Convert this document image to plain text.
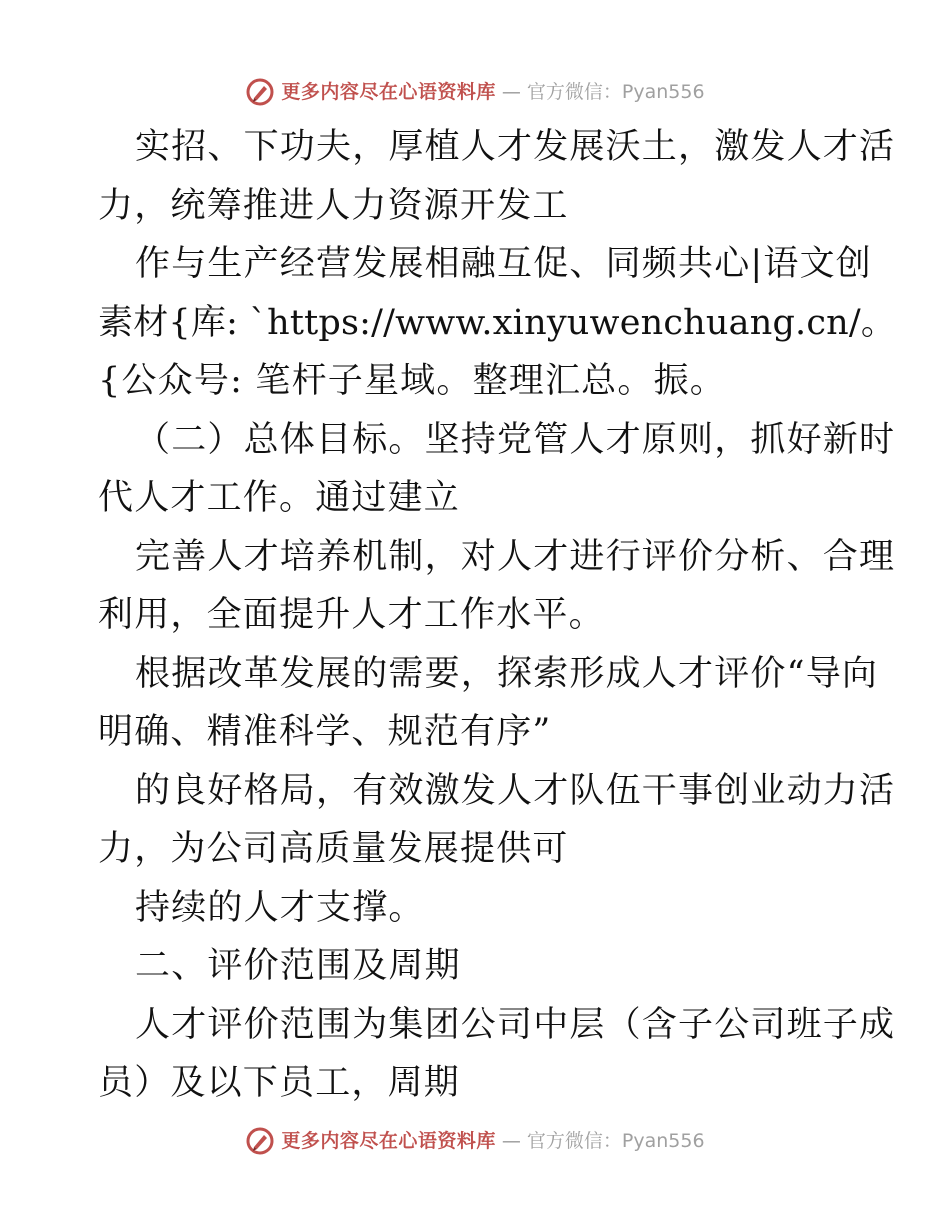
更多内容尽在心语资料库 — 官方微信：Pyan556
实招、下功夫，厚植人才发展沃土，激发人才活
力，统筹推进人力资源开发工
作与生产经营发展相融互促、同频共心|语文创
素材{库: `https://www.xinyuwenchuang.cn/。
{公众号: 笔杆子星域。整理汇总。振。
（二）总体目标。坚持党管人才原则，抓好新时
代人才工作。通过建立
完善人才培养机制，对人才进行评价分析、合理
利用，全面提升人才工作水平。
根据改革发展的需要，探索形成人才评价“导向
明确、精准科学、规范有序”
的良好格局，有效激发人才队伍干事创业动力活
力，为公司高质量发展提供可
持续的人才支撑。
二、评价范围及周期
人才评价范围为集团公司中层（含子公司班子成
员）及以下员工，周期
更多内容尽在心语资料库 — 官方微信：Pyan556
